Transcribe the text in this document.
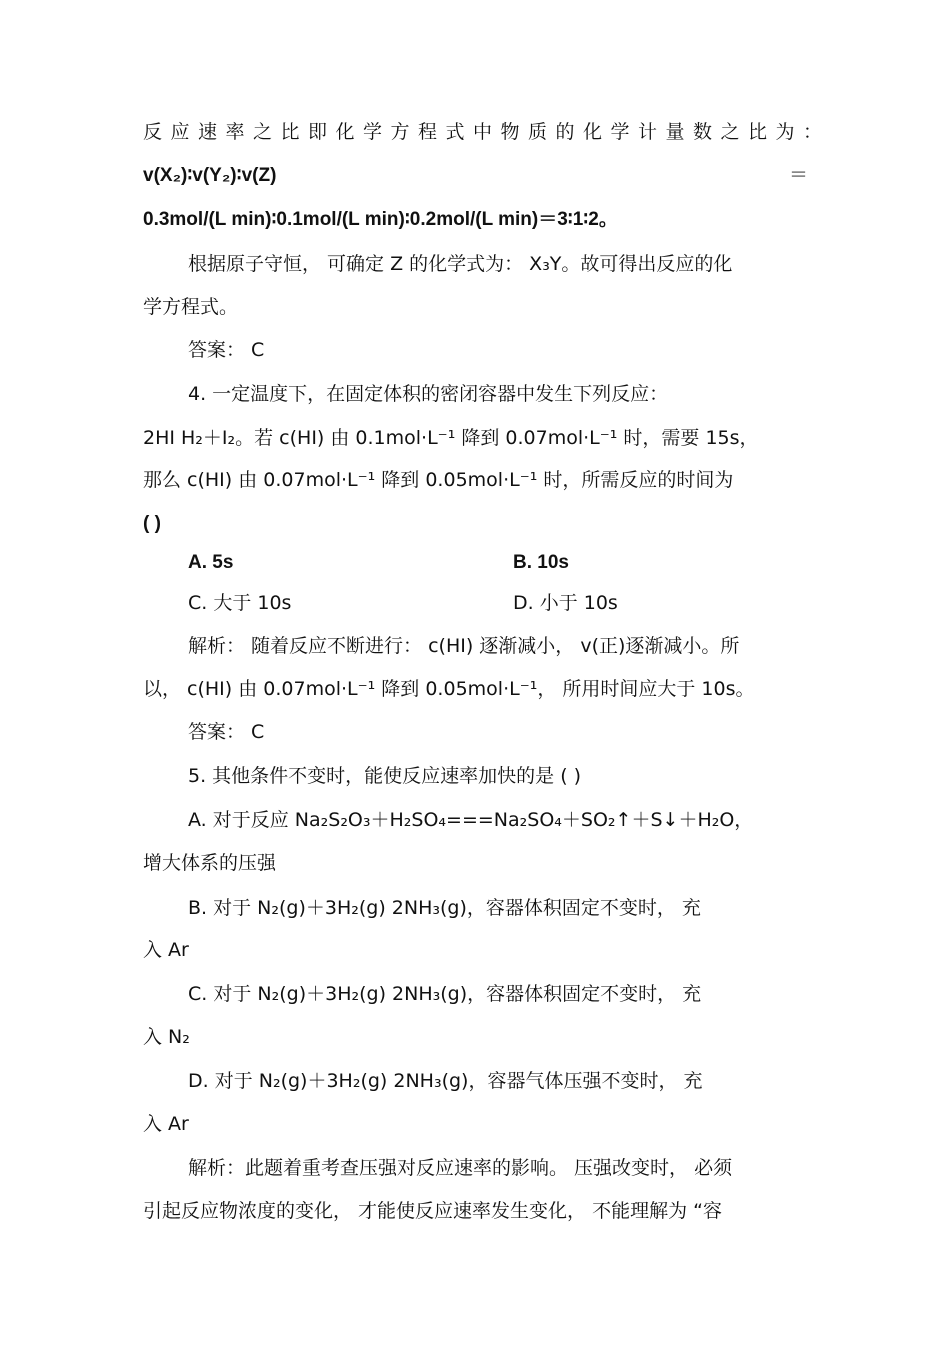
反应速率之比即化学方程式中物质的化学计量数之比为：
v(X₂)∶v(Y₂)∶v(Z)	＝
0.3mol/(L min)∶0.1mol/(L min)∶0.2mol/(L min)＝3∶1∶2。
根据原子守恒， 可确定 Z 的化学式为： X₃Y。故可得出反应的化
学方程式。
答案： C
4. 一定温度下，在固定体积的密闭容器中发生下列反应：
2HI H₂＋I₂。若 c(HI) 由 0.1mol·L⁻¹ 降到 0.07mol·L⁻¹ 时，需要 15s，
那么 c(HI) 由 0.07mol·L⁻¹ 降到 0.05mol·L⁻¹ 时，所需反应的时间为
( )
A. 5s	B. 10s
C. 大于 10s	D. 小于 10s
解析： 随着反应不断进行： c(HI) 逐渐减小， v(正)逐渐减小。所
以， c(HI) 由 0.07mol·L⁻¹ 降到 0.05mol·L⁻¹， 所用时间应大于 10s。
答案： C
5. 其他条件不变时，能使反应速率加快的是 ( )
A. 对于反应 Na₂S₂O₃＋H₂SO₄===Na₂SO₄＋SO₂↑＋S↓＋H₂O，
增大体系的压强
B. 对于 N₂(g)＋3H₂(g) 2NH₃(g)，容器体积固定不变时， 充
入 Ar
C. 对于 N₂(g)＋3H₂(g) 2NH₃(g)，容器体积固定不变时， 充
入 N₂
D. 对于 N₂(g)＋3H₂(g) 2NH₃(g)，容器气体压强不变时， 充
入 Ar
解析：此题着重考查压强对反应速率的影响。 压强改变时， 必须
引起反应物浓度的变化， 才能使反应速率发生变化， 不能理解为 “容
